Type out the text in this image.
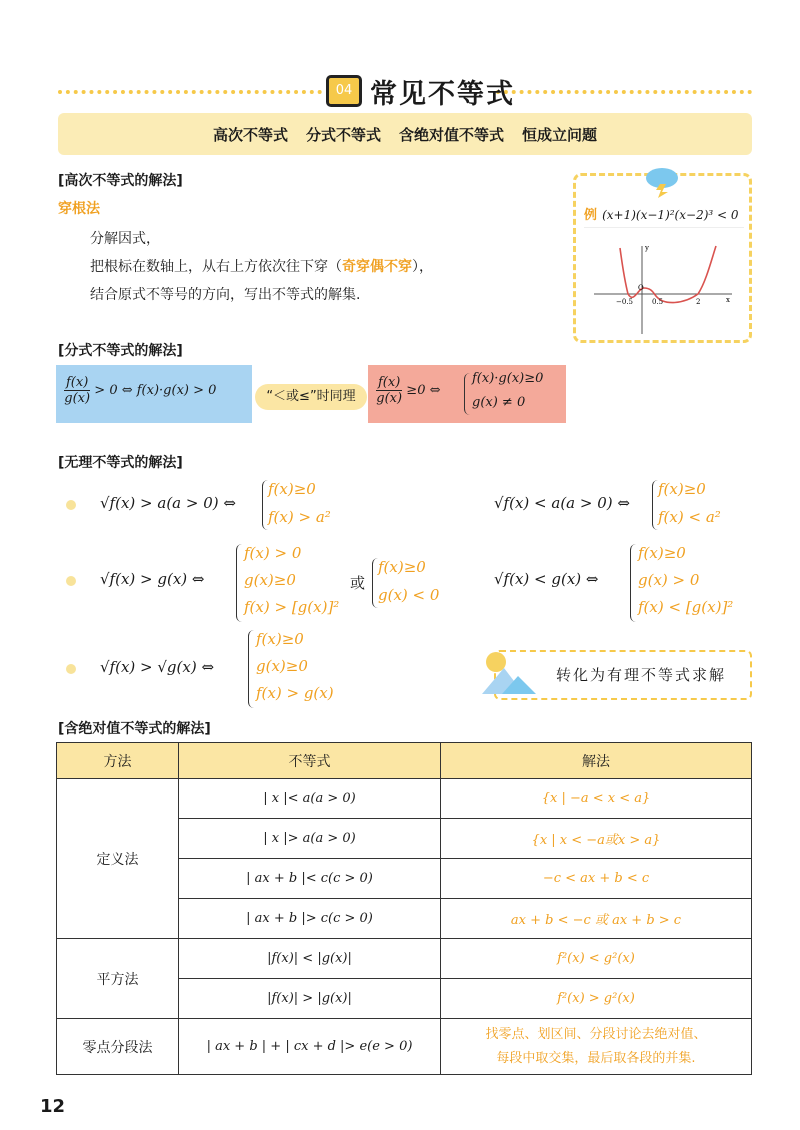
04 常见不等式
高次不等式 分式不等式 含绝对值不等式 恒成立问题
[高次不等式的解法]
穿根法
分解因式，
把根标在数轴上，从右上方依次往下穿（奇穿偶不穿），
结合原式不等号的方向，写出不等式的解集.
例 (x+1)(x−1)²(x−2)³ < 0
−0.5
O
0.5	2	x
y
[分式不等式的解法]
$\frac{f(x)}{g(x)} > 0$ ⇔ f(x)·g(x) > 0	“＜或≤”时同理	$\frac{f(x)}{g(x)} \ge 0$ ⇔
f(x)·g(x)≥0
g(x) ≠ 0
[无理不等式的解法]
√f(x) > a(a > 0) ⇔
f(x)≥0
f(x) > a²
√f(x) < a(a > 0) ⇔
f(x)≥0
f(x) < a²
√f(x) > g(x) ⇔
f(x) > 0
g(x)≥0
f(x) > [g(x)]²
或
f(x)≥0
g(x) < 0
√f(x) < g(x) ⇔
f(x)≥0
g(x) > 0
f(x) < [g(x)]²
√f(x) > √g(x) ⇔
f(x)≥0
g(x)≥0
f(x) > g(x)
转化为有理不等式求解
[含绝对值不等式的解法]
方法	不等式	解法
定义法	| x |< a(a > 0)	{x | −a < x < a}
	| x |> a(a > 0)	{x | x < −a或x > a}
	| ax + b |< c(c > 0)	−c < ax + b < c
	| ax + b |> c(c > 0)	ax + b < −c 或 ax + b > c
平方法	|f(x)| < |g(x)|	f²(x) < g²(x)
	|f(x)| > |g(x)|	f²(x) > g²(x)
零点分段法	| ax + b | + | cx + d |> e(e > 0)	找零点、划区间、分段讨论去绝对值、
每段中取交集，最后取各段的并集.
12
